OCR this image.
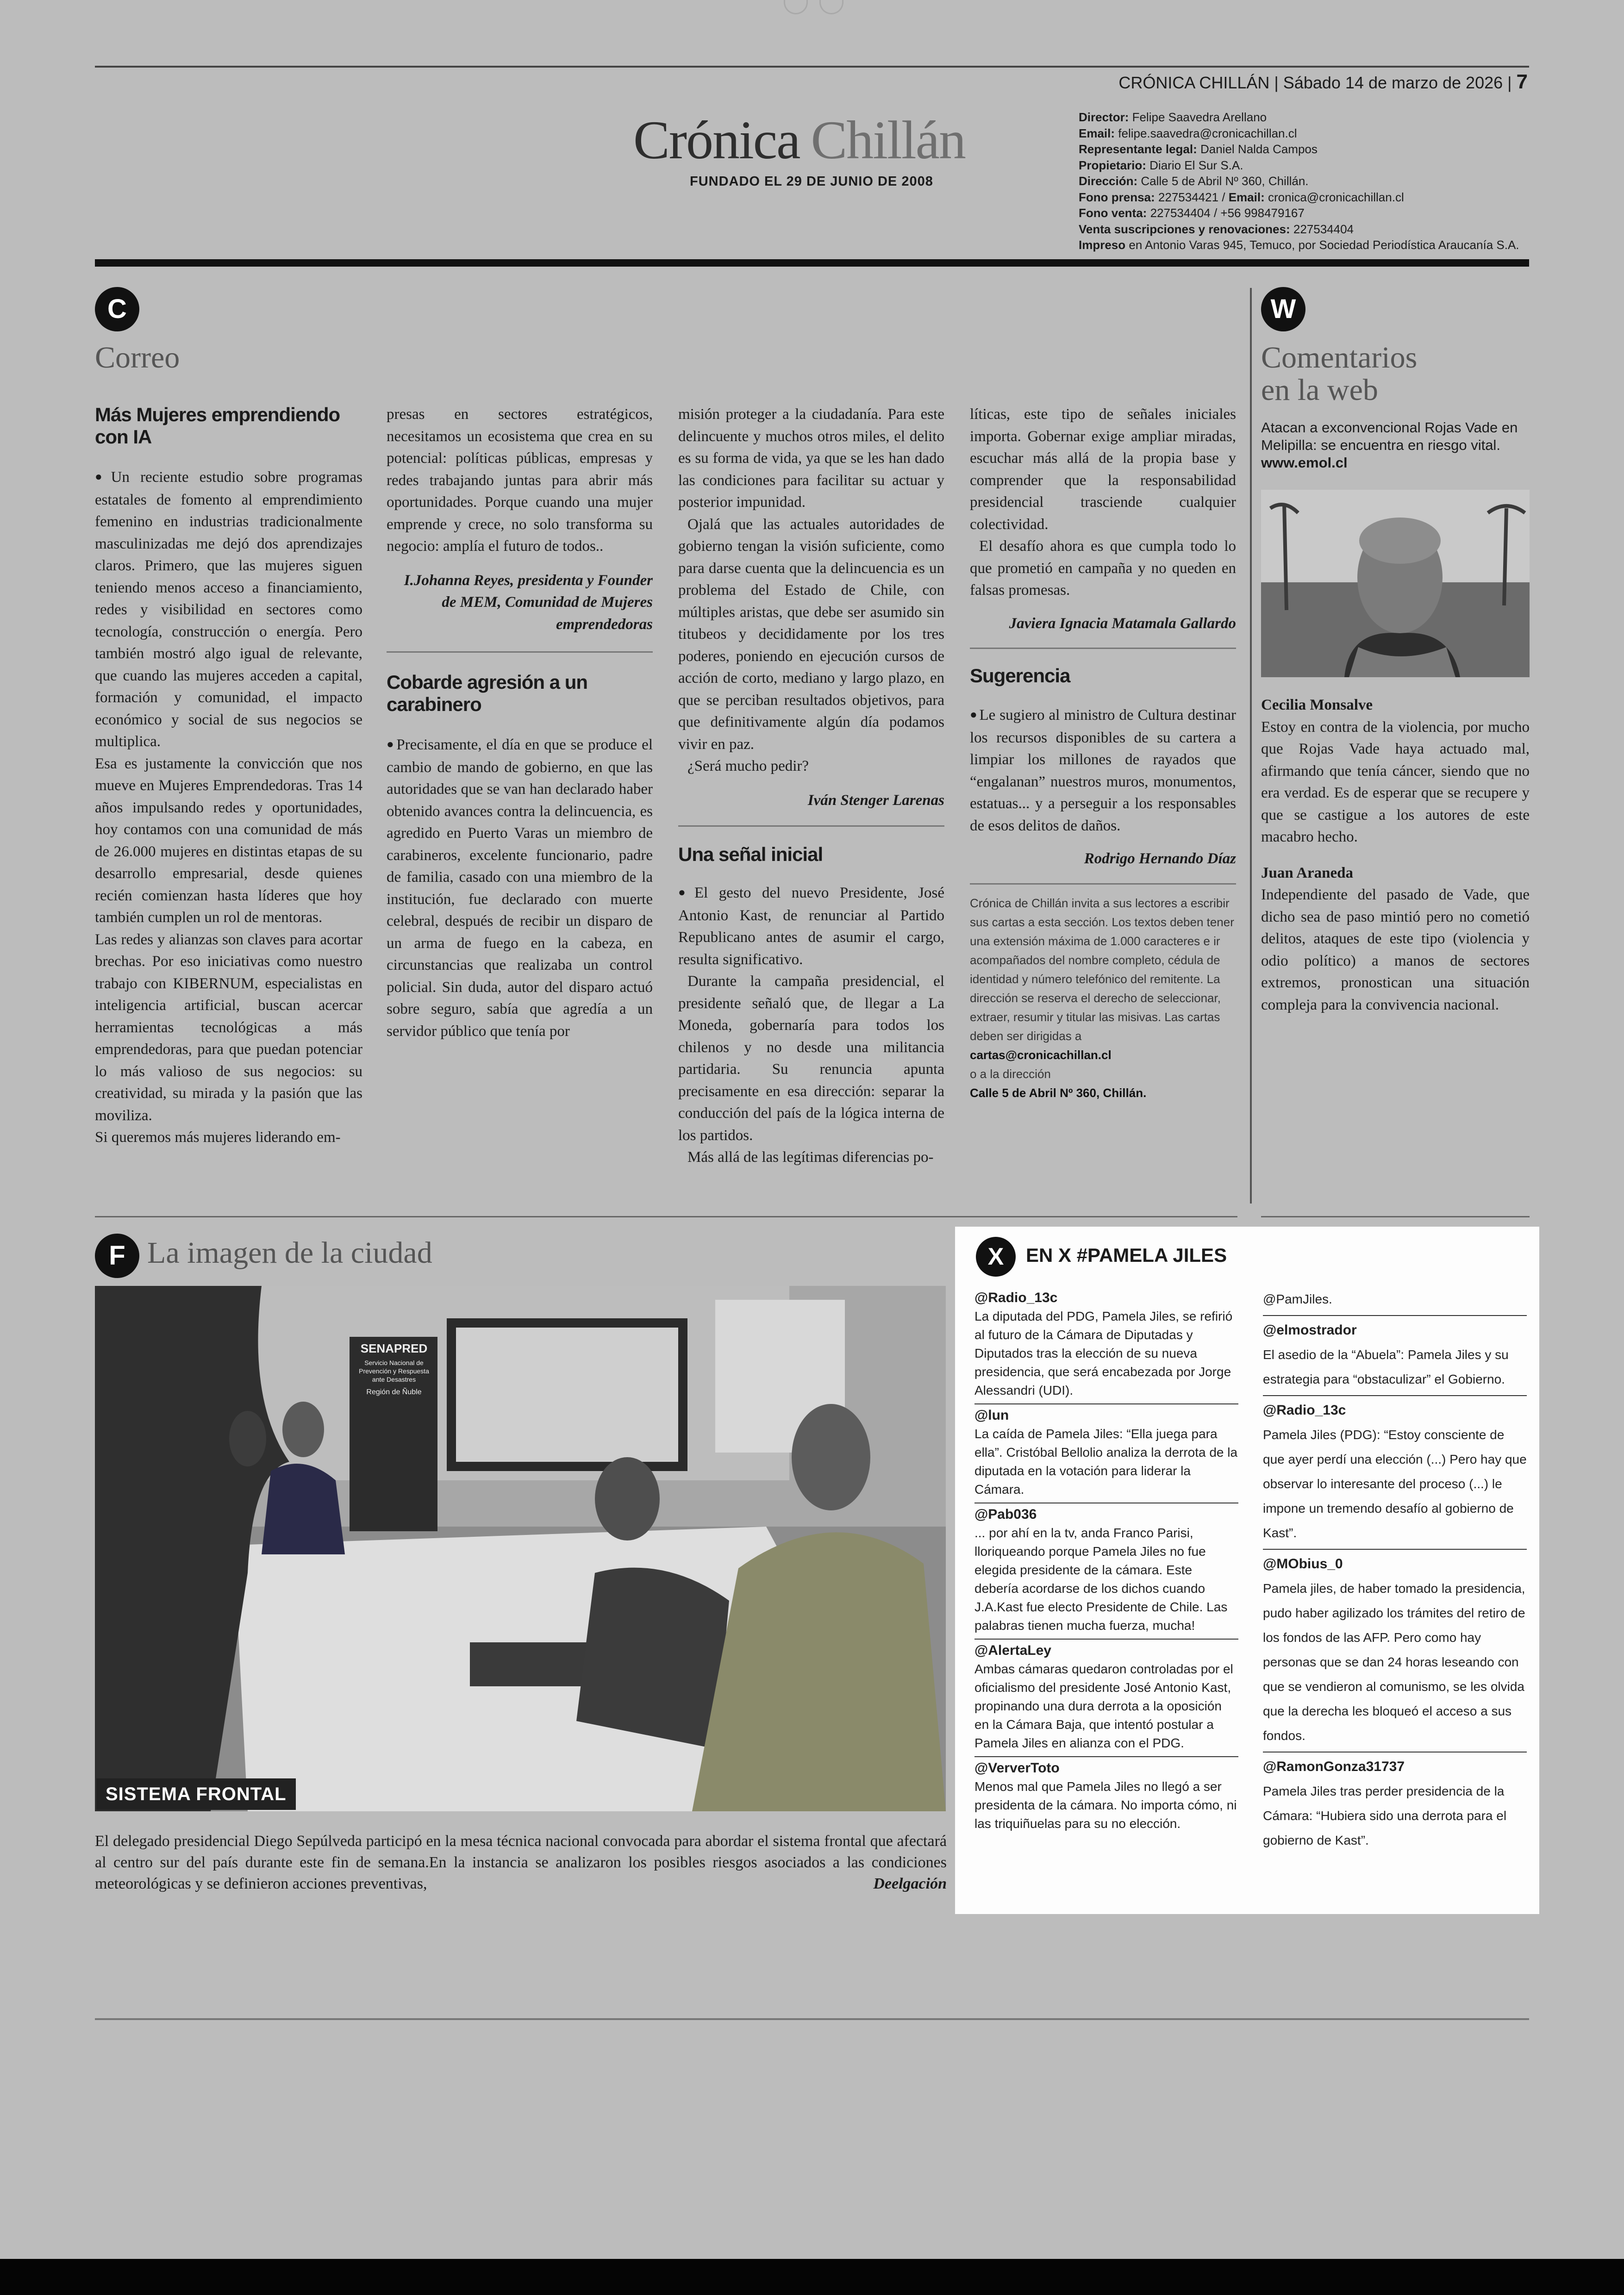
CRÓNICA CHILLÁN | Sábado 14 de marzo de 2026 | 7
Crónica Chillán
FUNDADO EL 29 DE JUNIO DE 2008
Director: Felipe Saavedra Arellano
Email: felipe.saavedra@cronicachillan.cl
Representante legal: Daniel Nalda Campos
Propietario: Diario El Sur S.A.
Dirección: Calle 5 de Abril Nº 360, Chillán.
Fono prensa: 227534421 / Email: cronica@cronicachillan.cl
Fono venta: 227534404 / +56 998479167
Venta suscripciones y renovaciones: 227534404
Impreso en Antonio Varas 945, Temuco, por Sociedad Periodística Araucanía S.A.
C
Correo

Más Mujeres emprendiendo con IA

● Un reciente estudio sobre programas estatales de fomento al emprendimiento femenino en industrias tradicionalmente masculinizadas me dejó dos aprendizajes claros. Primero, que las mujeres siguen teniendo menos acceso a financiamiento, redes y visibilidad en sectores como tecnología, construcción o energía. Pero también mostró algo igual de relevante, que cuando las mujeres acceden a capital, formación y comunidad, el impacto económico y social de sus negocios se multiplica.

Esa es justamente la convicción que nos mueve en Mujeres Emprendedoras. Tras 14 años impulsando redes y oportunidades, hoy contamos con una comunidad de más de 26.000 mujeres en distintas etapas de su desarrollo empresarial, desde quienes recién comienzan hasta líderes que hoy también cumplen un rol de mentoras.

Las redes y alianzas son claves para acortar brechas. Por eso iniciativas como nuestro trabajo con KIBERNUM, especialistas en inteligencia artificial, buscan acercar herramientas tecnológicas a más emprendedoras, para que puedan potenciar lo más valioso de sus negocios: su creatividad, su mirada y la pasión que las moviliza.

Si queremos más mujeres liderando em-

presas en sectores estratégicos, necesitamos un ecosistema que crea en su potencial: políticas públicas, empresas y redes trabajando juntas para abrir más oportunidades. Porque cuando una mujer emprende y crece, no solo transforma su negocio: amplía el futuro de todos..

I.Johanna Reyes, presidenta y Founder de MEM, Comunidad de Mujeres emprendedoras

Cobarde agresión a un carabinero

● Precisamente, el día en que se produce el cambio de mando de gobierno, en que las autoridades que se van han declarado haber obtenido avances contra la delincuencia, es agredido en Puerto Varas un miembro de carabineros, excelente funcionario, padre de familia, casado con una miembro de la institución, fue declarado con muerte celebral, después de recibir un disparo de un arma de fuego en la cabeza, en circunstancias que realizaba un control policial. Sin duda, autor del disparo actuó sobre seguro, sabía que agredía a un servidor público que tenía por

misión proteger a la ciudadanía. Para este delincuente y muchos otros miles, el delito es su forma de vida, ya que se les han dado las condiciones para facilitar su actuar y posterior impunidad.

Ojalá que las actuales autoridades de gobierno tengan la visión suficiente, como para darse cuenta que la delincuencia es un problema del Estado de Chile, con múltiples aristas, que debe ser asumido sin titubeos y decididamente por los tres poderes, poniendo en ejecución cursos de acción de corto, mediano y largo plazo, en que se perciban resultados objetivos, para que definitivamente algún día podamos vivir en paz.

¿Será mucho pedir?

Iván Stenger Larenas

Una señal inicial

● El gesto del nuevo Presidente, José Antonio Kast, de renunciar al Partido Republicano antes de asumir el cargo, resulta significativo.

Durante la campaña presidencial, el presidente señaló que, de llegar a La Moneda, gobernaría para todos los chilenos y no desde una militancia partidaria. Su renuncia apunta precisamente en esa dirección: separar la conducción del país de la lógica interna de los partidos.

Más allá de las legítimas diferencias po-

líticas, este tipo de señales iniciales importa. Gobernar exige ampliar miradas, escuchar más allá de la propia base y comprender que la responsabilidad presidencial trasciende cualquier colectividad.

El desafío ahora es que cumpla todo lo que prometió en campaña y no queden en falsas promesas.

Javiera Ignacia Matamala Gallardo

Sugerencia

● Le sugiero al ministro de Cultura destinar los recursos disponibles de su cartera a limpiar los millones de rayados que “engalanan” nuestros muros, monumentos, estatuas... y a perseguir a los responsables de esos delitos de daños.

Rodrigo Hernando Díaz

Crónica de Chillán invita a sus lectores a escribir sus cartas a esta sección. Los textos deben tener una extensión máxima de 1.000 caracteres e ir acompañados del nombre completo, cédula de identidad y número telefónico del remitente. La dirección se reserva el derecho de seleccionar, extraer, resumir y titular las misivas. Las cartas deben ser dirigidas a
cartas@cronicachillan.cl
o a la dirección
Calle 5 de Abril Nº 360, Chillán.
W
Comentarios
en la web
Atacan a exconvencional Rojas Vade en Melipilla: se encuentra en riesgo vital.
www.emol.cl

Cecilia Monsalve

Estoy en contra de la violencia, por mucho que Rojas Vade haya actuado mal, afirmando que tenía cáncer, siendo que no era verdad. Es de esperar que se recupere y que se castigue a los autores de este macabro hecho.

Juan Araneda

Independiente del pasado de Vade, que dicho sea de paso mintió pero no cometió delitos, ataques de este tipo (violencia y odio político) a manos de sectores extremos, pronostican una situación compleja para la convivencia nacional.

F La imagen de la ciudad
SENAPRED
Servicio Nacional de Prevención y Respuesta ante Desastres
Región de Ñuble
SISTEMA FRONTAL
El delegado presidencial Diego Sepúlveda participó en la mesa técnica nacional convocada para abordar el sistema frontal que afectará al centro sur del país durante este fin de semana.En la instancia se analizaron los posibles riesgos asociados a las condiciones meteorológicas y se definieron acciones preventivas,	Deelgación
X EN X #PAMELA JILES
@Radio_13c
La diputada del PDG, Pamela Jiles, se refirió al futuro de la Cámara de Diputadas y Diputados tras la elección de su nueva presidencia, que será encabezada por Jorge Alessandri (UDI).
@lun
La caída de Pamela Jiles: “Ella juega para ella”. Cristóbal Bellolio analiza la derrota de la diputada en la votación para liderar la Cámara.
@Pab036
... por ahí en la tv, anda Franco Parisi, lloriqueando porque Pamela Jiles no fue elegida presidente de la cámara. Este debería acordarse de los dichos cuando J.A.Kast fue electo Presidente de Chile. Las palabras tienen mucha fuerza, mucha!
@AlertaLey
Ambas cámaras quedaron controladas por el oficialismo del presidente José Antonio Kast, propinando una dura derrota a la oposición en la Cámara Baja, que intentó postular a Pamela Jiles en alianza con el PDG.
@VerverToto
Menos mal que Pamela Jiles no llegó a ser presidenta de la cámara. No importa cómo, ni las triquiñuelas para su no elección.
@PamJiles.
@elmostrador
El asedio de la “Abuela”: Pamela Jiles y su estrategia para “obstaculizar” el Gobierno.
@Radio_13c
Pamela Jiles (PDG): “Estoy consciente de que ayer perdí una elección (...) Pero hay que observar lo interesante del proceso (...) le impone un tremendo desafío al gobierno de Kast”.
@MObius_0
Pamela jiles, de haber tomado la presidencia, pudo haber agilizado los trámites del retiro de los fondos de las AFP. Pero como hay personas que se dan 24 horas leseando con que se vendieron al comunismo, se les olvida que la derecha les bloqueó el acceso a sus fondos.
@RamonGonza31737
Pamela Jiles tras perder presidencia de la Cámara: “Hubiera sido una derrota para el gobierno de Kast”.
